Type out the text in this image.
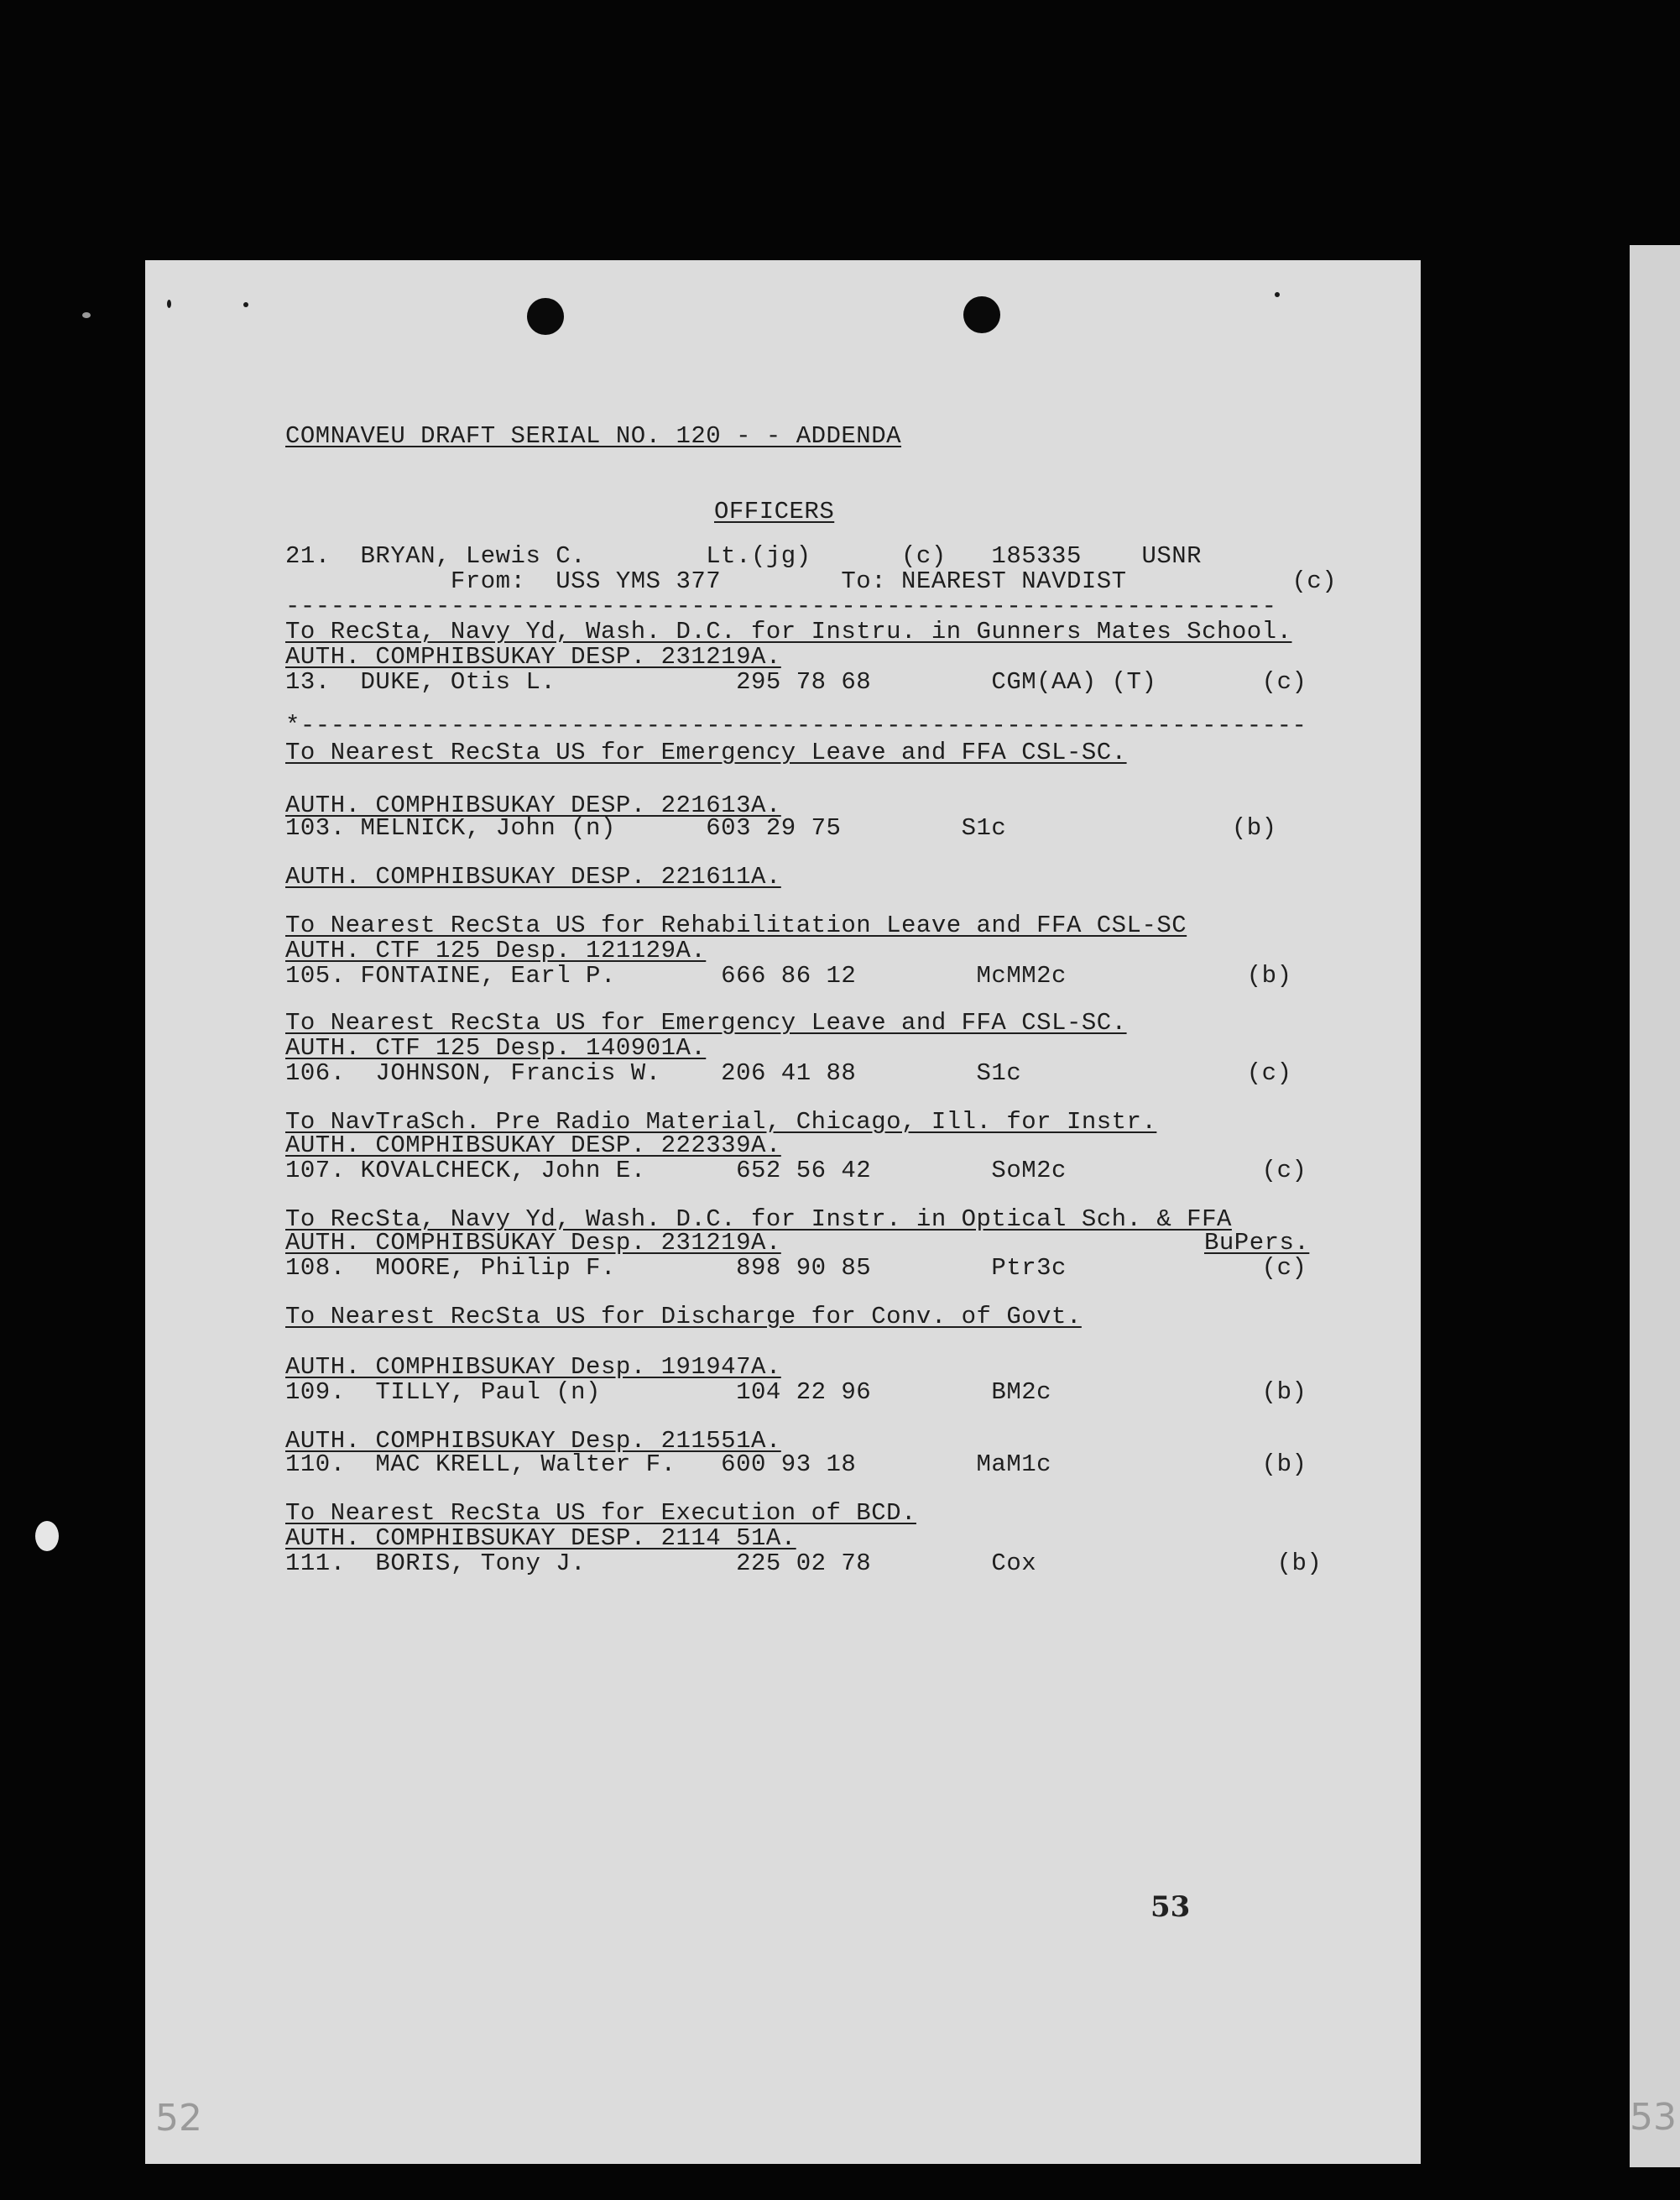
COMNAVEU DRAFT SERIAL NO. 120 - - ADDENDA
OFFICERS
21.  BRYAN, Lewis C.        Lt.(jg)      (c)   185335    USNR
From:  USS YMS 377        To: NEAREST NAVDIST           (c)
------------------------------------------------------------------
To RecSta, Navy Yd, Wash. D.C. for Instru. in Gunners Mates School.
AUTH. COMPHIBSUKAY DESP. 231219A.
13.  DUKE, Otis L.            295 78 68        CGM(AA) (T)       (c)
*-------------------------------------------------------------------
To Nearest RecSta US for Emergency Leave and FFA CSL-SC.
AUTH. COMPHIBSUKAY DESP. 221613A.
103. MELNICK, John (n)      603 29 75        S1c               (b)
AUTH. COMPHIBSUKAY DESP. 221611A.
To Nearest RecSta US for Rehabilitation Leave and FFA CSL-SC
AUTH. CTF 125 Desp. 121129A.
105. FONTAINE, Earl P.       666 86 12        McMM2c            (b)
To Nearest RecSta US for Emergency Leave and FFA CSL-SC.
AUTH. CTF 125 Desp. 140901A.
106.  JOHNSON, Francis W.    206 41 88        S1c               (c)
To NavTraSch. Pre Radio Material, Chicago, Ill. for Instr.
AUTH. COMPHIBSUKAY DESP. 222339A.
107. KOVALCHECK, John E.      652 56 42        SoM2c             (c)
To RecSta, Navy Yd, Wash. D.C. for Instr. in Optical Sch. & FFA
AUTH. COMPHIBSUKAY Desp. 231219A.	BuPers.
108.  MOORE, Philip F.        898 90 85        Ptr3c             (c)
To Nearest RecSta US for Discharge for Conv. of Govt.
AUTH. COMPHIBSUKAY Desp. 191947A.
109.  TILLY, Paul (n)         104 22 96        BM2c              (b)
AUTH. COMPHIBSUKAY Desp. 211551A.
110.  MAC KRELL, Walter F.   600 93 18        MaM1c              (b)
To Nearest RecSta US for Execution of BCD.
AUTH. COMPHIBSUKAY DESP. 2114 51A.
111.  BORIS, Tony J.          225 02 78        Cox                (b)
53
52	53
